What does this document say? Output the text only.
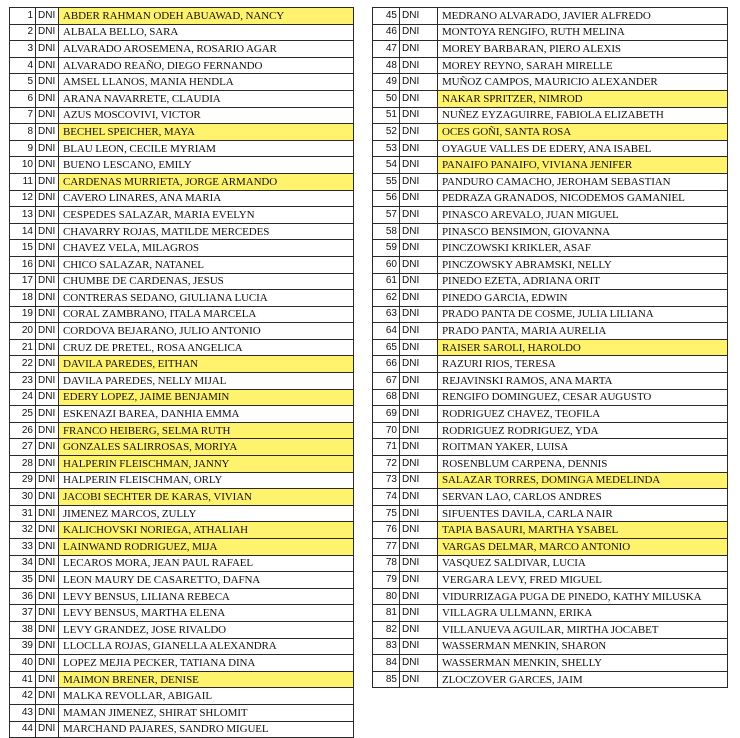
1	DNI	ABDER RAHMAN ODEH ABUAWAD, NANCY
2	DNI	ALBALA BELLO, SARA
3	DNI	ALVARADO AROSEMENA, ROSARIO AGAR
4	DNI	ALVARADO REAÑO, DIEGO FERNANDO
5	DNI	AMSEL LLANOS, MANIA HENDLA
6	DNI	ARANA NAVARRETE, CLAUDIA
7	DNI	AZUS MOSCOVIVI, VICTOR
8	DNI	BECHEL SPEICHER, MAYA
9	DNI	BLAU LEON, CECILE MYRIAM
10	DNI	BUENO LESCANO, EMILY
11	DNI	CARDENAS MURRIETA, JORGE ARMANDO
12	DNI	CAVERO LINARES, ANA MARIA
13	DNI	CESPEDES SALAZAR, MARIA EVELYN
14	DNI	CHAVARRY ROJAS, MATILDE MERCEDES
15	DNI	CHAVEZ VELA, MILAGROS
16	DNI	CHICO SALAZAR, NATANEL
17	DNI	CHUMBE DE CARDENAS, JESUS
18	DNI	CONTRERAS SEDANO, GIULIANA LUCIA
19	DNI	CORAL ZAMBRANO, ITALA MARCELA
20	DNI	CORDOVA BEJARANO, JULIO ANTONIO
21	DNI	CRUZ DE PRETEL, ROSA ANGELICA
22	DNI	DAVILA PAREDES, EITHAN
23	DNI	DAVILA PAREDES, NELLY MIJAL
24	DNI	EDERY LOPEZ, JAIME BENJAMIN
25	DNI	ESKENAZI BAREA, DANHIA EMMA
26	DNI	FRANCO HEIBERG, SELMA RUTH
27	DNI	GONZALES SALIRROSAS, MORIYA
28	DNI	HALPERIN FLEISCHMAN, JANNY
29	DNI	HALPERIN FLEISCHMAN, ORLY
30	DNI	JACOBI SECHTER DE KARAS, VIVIAN
31	DNI	JIMENEZ MARCOS, ZULLY
32	DNI	KALICHOVSKI NORIEGA, ATHALIAH
33	DNI	LAINWAND RODRIGUEZ, MIJA
34	DNI	LECAROS MORA, JEAN PAUL RAFAEL
35	DNI	LEON MAURY DE CASARETTO, DAFNA
36	DNI	LEVY BENSUS, LILIANA REBECA
37	DNI	LEVY BENSUS, MARTHA ELENA
38	DNI	LEVY GRANDEZ, JOSE RIVALDO
39	DNI	LLOCLLA ROJAS, GIANELLA ALEXANDRA
40	DNI	LOPEZ MEJIA PECKER, TATIANA DINA
41	DNI	MAIMON BRENER, DENISE
42	DNI	MALKA REVOLLAR, ABIGAIL
43	DNI	MAMAN JIMENEZ, SHIRAT SHLOMIT
44	DNI	MARCHAND PAJARES, SANDRO MIGUEL
45	DNI	MEDRANO ALVARADO, JAVIER ALFREDO
46	DNI	MONTOYA RENGIFO, RUTH MELINA
47	DNI	MOREY BARBARAN, PIERO ALEXIS
48	DNI	MOREY REYNO, SARAH MIRELLE
49	DNI	MUÑOZ CAMPOS, MAURICIO ALEXANDER
50	DNI	NAKAR SPRITZER, NIMROD
51	DNI	NUÑEZ EYZAGUIRRE, FABIOLA ELIZABETH
52	DNI	OCES GOÑI, SANTA ROSA
53	DNI	OYAGUE VALLES DE EDERY, ANA ISABEL
54	DNI	PANAIFO PANAIFO, VIVIANA JENIFER
55	DNI	PANDURO CAMACHO, JEROHAM SEBASTIAN
56	DNI	PEDRAZA GRANADOS, NICODEMOS GAMANIEL
57	DNI	PINASCO AREVALO, JUAN MIGUEL
58	DNI	PINASCO BENSIMON, GIOVANNA
59	DNI	PINCZOWSKI KRIKLER, ASAF
60	DNI	PINCZOWSKY ABRAMSKI, NELLY
61	DNI	PINEDO EZETA, ADRIANA ORIT
62	DNI	PINEDO GARCIA, EDWIN
63	DNI	PRADO PANTA DE COSME, JULIA LILIANA
64	DNI	PRADO PANTA, MARIA AURELIA
65	DNI	RAISER SAROLI, HAROLDO
66	DNI	RAZURI RIOS, TERESA
67	DNI	REJAVINSKI RAMOS, ANA MARTA
68	DNI	RENGIFO DOMINGUEZ, CESAR AUGUSTO
69	DNI	RODRIGUEZ CHAVEZ, TEOFILA
70	DNI	RODRIGUEZ RODRIGUEZ, YDA
71	DNI	ROITMAN YAKER, LUISA
72	DNI	ROSENBLUM CARPENA, DENNIS
73	DNI	SALAZAR TORRES, DOMINGA MEDELINDA
74	DNI	SERVAN LAO, CARLOS ANDRES
75	DNI	SIFUENTES DAVILA, CARLA NAIR
76	DNI	TAPIA BASAURI, MARTHA YSABEL
77	DNI	VARGAS DELMAR, MARCO ANTONIO
78	DNI	VASQUEZ SALDIVAR, LUCIA
79	DNI	VERGARA LEVY, FRED MIGUEL
80	DNI	VIDURRIZAGA PUGA DE PINEDO, KATHY MILUSKA
81	DNI	VILLAGRA ULLMANN, ERIKA
82	DNI	VILLANUEVA AGUILAR, MIRTHA JOCABET
83	DNI	WASSERMAN MENKIN, SHARON
84	DNI	WASSERMAN MENKIN, SHELLY
85	DNI	ZLOCZOVER GARCES, JAIM
